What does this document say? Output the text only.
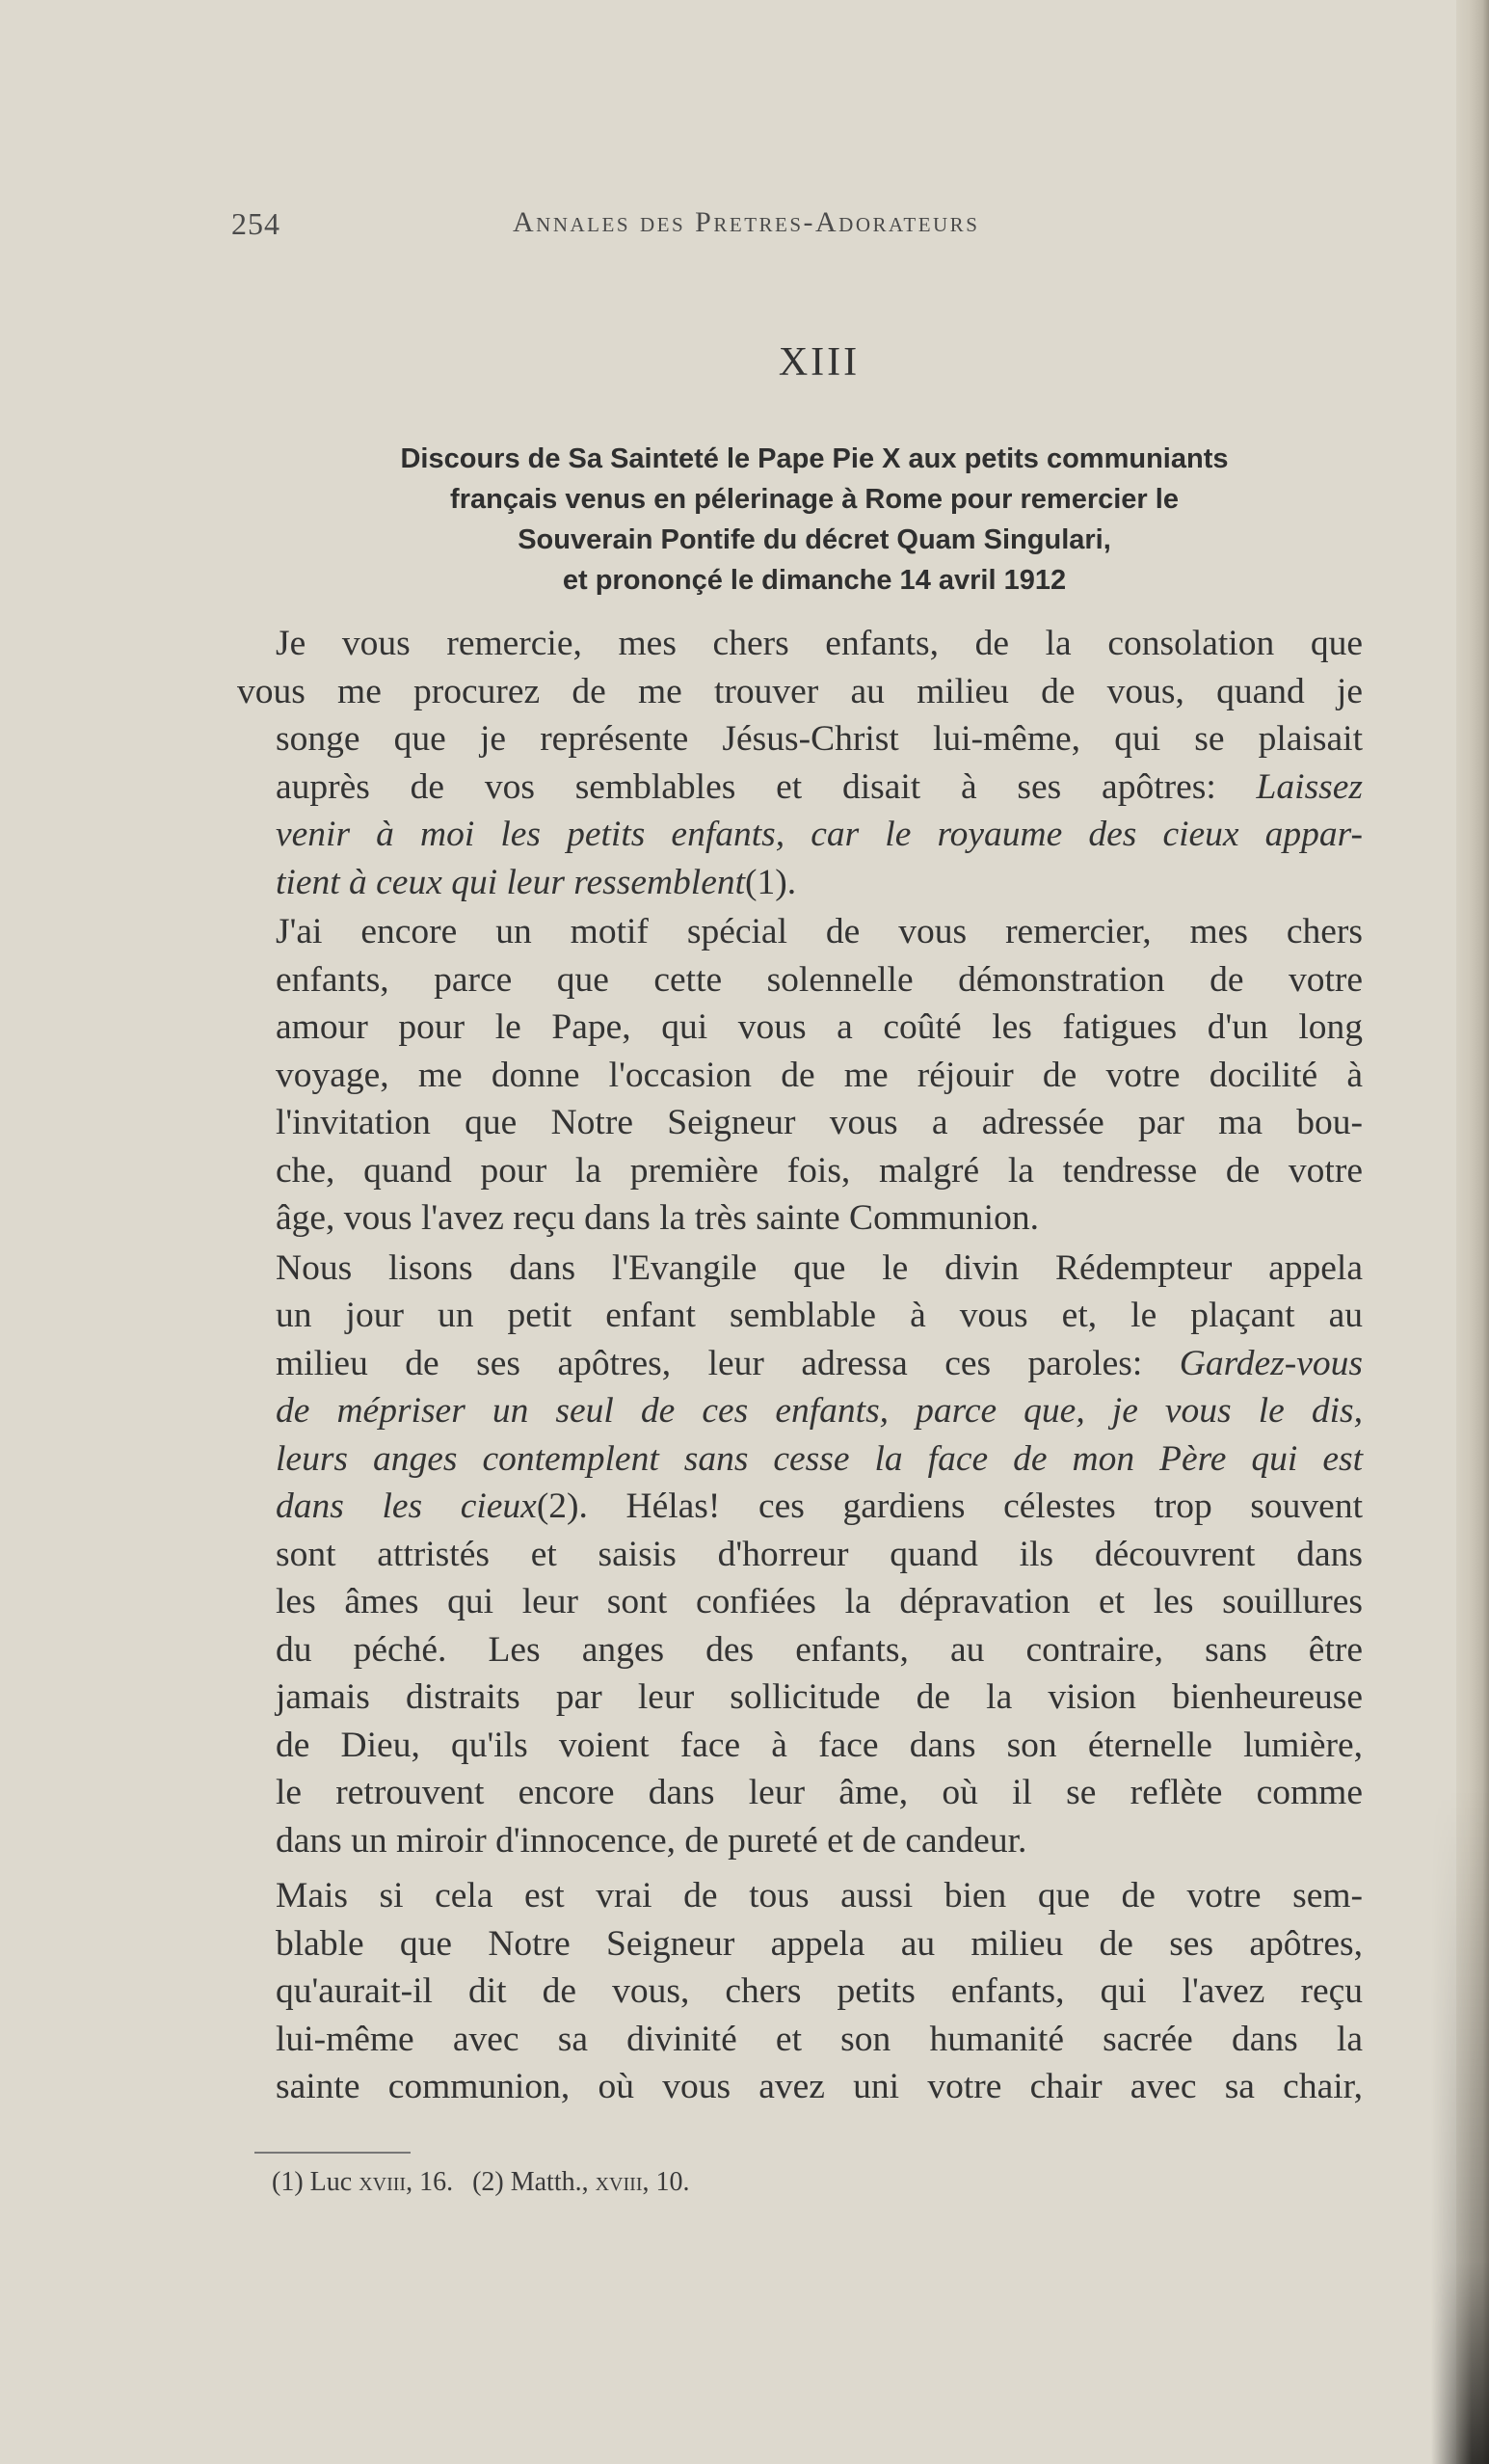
254	Annales des Pretres-Adorateurs
XIII
Discours de Sa Sainteté le Pape Pie X aux petits communiants
français venus en pélerinage à Rome pour remercier le
Souverain Pontife du décret Quam Singulari,
et prononçé le dimanche 14 avril 1912

Je vous remercie, mes chers enfants, de la consolation que
vous me procurez de me trouver au milieu de vous, quand je
songe que je représente Jésus-Christ lui-même, qui se plaisait
auprès de vos semblables et disait à ses apôtres: Laissez
venir à moi les petits enfants, car le royaume des cieux appar-
tient à ceux qui leur ressemblent(1).

J'ai encore un motif spécial de vous remercier, mes chers
enfants, parce que cette solennelle démonstration de votre
amour pour le Pape, qui vous a coûté les fatigues d'un long
voyage, me donne l'occasion de me réjouir de votre docilité à
l'invitation que Notre Seigneur vous a adressée par ma bou-
che, quand pour la première fois, malgré la tendresse de votre
âge, vous l'avez reçu dans la très sainte Communion.

Nous lisons dans l'Evangile que le divin Rédempteur appela
un jour un petit enfant semblable à vous et, le plaçant au
milieu de ses apôtres, leur adressa ces paroles: Gardez-vous
de mépriser un seul de ces enfants, parce que, je vous le dis,
leurs anges contemplent sans cesse la face de mon Père qui est
dans les cieux(2). Hélas! ces gardiens célestes trop souvent
sont attristés et saisis d'horreur quand ils découvrent dans
les âmes qui leur sont confiées la dépravation et les souillures
du péché. Les anges des enfants, au contraire, sans être
jamais distraits par leur sollicitude de la vision bienheureuse
de Dieu, qu'ils voient face à face dans son éternelle lumière,
le retrouvent encore dans leur âme, où il se reflète comme
dans un miroir d'innocence, de pureté et de candeur.

Mais si cela est vrai de tous aussi bien que de votre sem-
blable que Notre Seigneur appela au milieu de ses apôtres,
qu'aurait-il dit de vous, chers petits enfants, qui l'avez reçu
lui-même avec sa divinité et son humanité sacrée dans la
sainte communion, où vous avez uni votre chair avec sa chair,

(1) Luc xviii, 16. (2) Matth., xviii, 10.
